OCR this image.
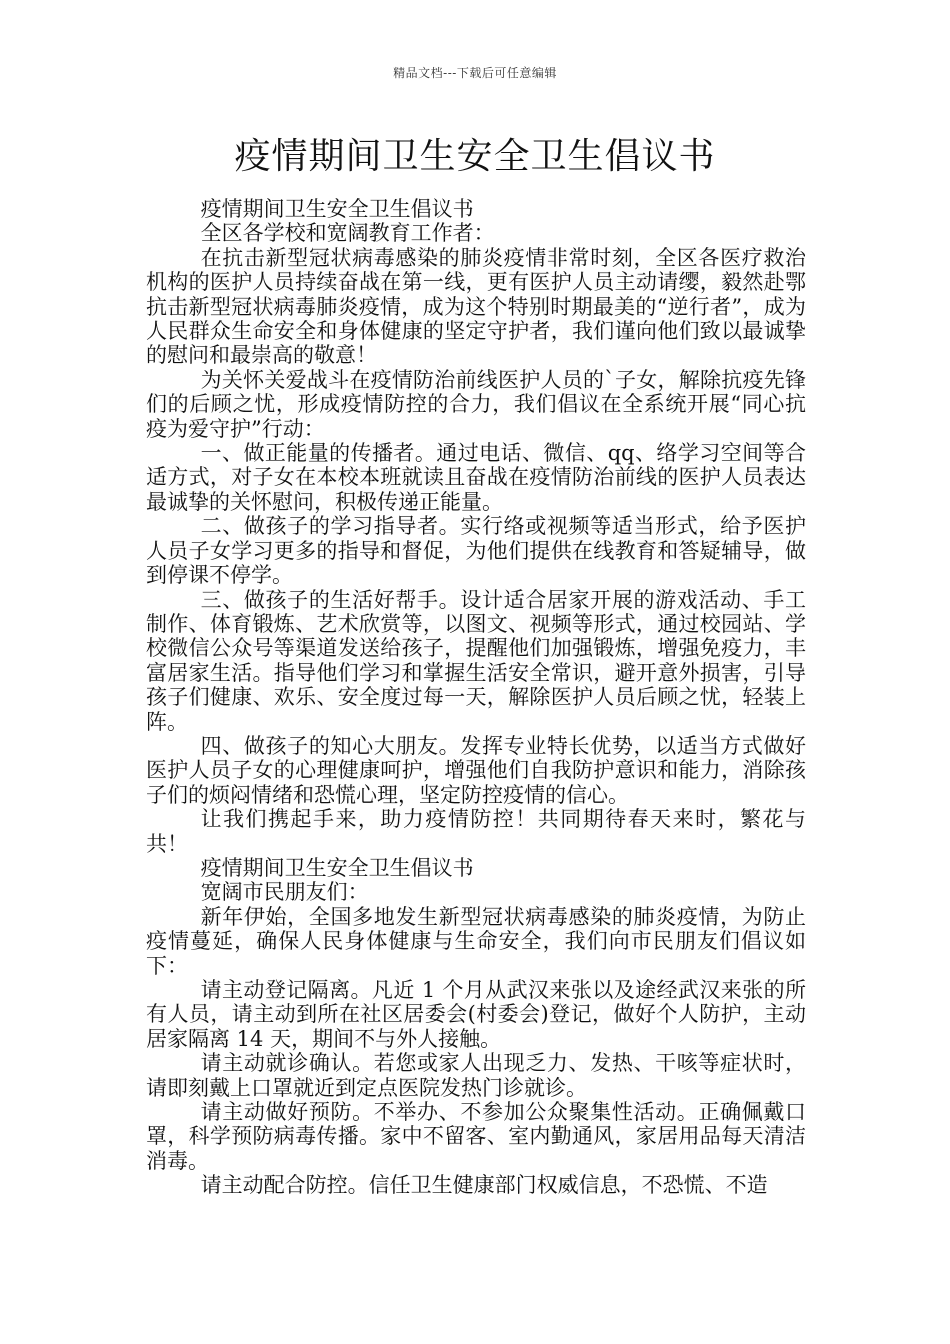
精品文档---下载后可任意编辑
疫情期间卫生安全卫生倡议书

疫情期间卫生安全卫生倡议书

全区各学校和宽阔教育工作者：

在抗击新型冠状病毒感染的肺炎疫情非常时刻，全区各医疗救治机构的医护人员持续奋战在第一线，更有医护人员主动请缨，毅然赴鄂抗击新型冠状病毒肺炎疫情，成为这个特别时期最美的“逆行者”，成为人民群众生命安全和身体健康的坚定守护者，我们谨向他们致以最诚挚的慰问和最崇高的敬意！

为关怀关爱战斗在疫情防治前线医护人员的`子女，解除抗疫先锋们的后顾之忧，形成疫情防控的合力，我们倡议在全系统开展“同心抗疫为爱守护”行动：

一、做正能量的传播者。通过电话、微信、qq、络学习空间等合适方式，对子女在本校本班就读且奋战在疫情防治前线的医护人员表达最诚挚的关怀慰问，积极传递正能量。

二、做孩子的学习指导者。实行络或视频等适当形式，给予医护人员子女学习更多的指导和督促，为他们提供在线教育和答疑辅导，做到停课不停学。

三、做孩子的生活好帮手。设计适合居家开展的游戏活动、手工制作、体育锻炼、艺术欣赏等，以图文、视频等形式，通过校园站、学校微信公众号等渠道发送给孩子，提醒他们加强锻炼，增强免疫力，丰富居家生活。指导他们学习和掌握生活安全常识，避开意外损害，引导孩子们健康、欢乐、安全度过每一天，解除医护人员后顾之忧，轻装上阵。

四、做孩子的知心大朋友。发挥专业特长优势，以适当方式做好医护人员子女的心理健康呵护，增强他们自我防护意识和能力，消除孩子们的烦闷情绪和恐慌心理，坚定防控疫情的信心。

让我们携起手来，助力疫情防控！共同期待春天来时，繁花与共！

疫情期间卫生安全卫生倡议书

宽阔市民朋友们：

新年伊始，全国多地发生新型冠状病毒感染的肺炎疫情，为防止疫情蔓延，确保人民身体健康与生命安全，我们向市民朋友们倡议如下：

请主动登记隔离。凡近 1 个月从武汉来张以及途经武汉来张的所有人员，请主动到所在社区居委会(村委会)登记，做好个人防护，主动居家隔离 14 天，期间不与外人接触。

请主动就诊确认。若您或家人出现乏力、发热、干咳等症状时，请即刻戴上口罩就近到定点医院发热门诊就诊。

请主动做好预防。不举办、不参加公众聚集性活动。正确佩戴口罩，科学预防病毒传播。家中不留客、室内勤通风，家居用品每天清洁消毒。

请主动配合防控。信任卫生健康部门权威信息，不恐慌、不造
